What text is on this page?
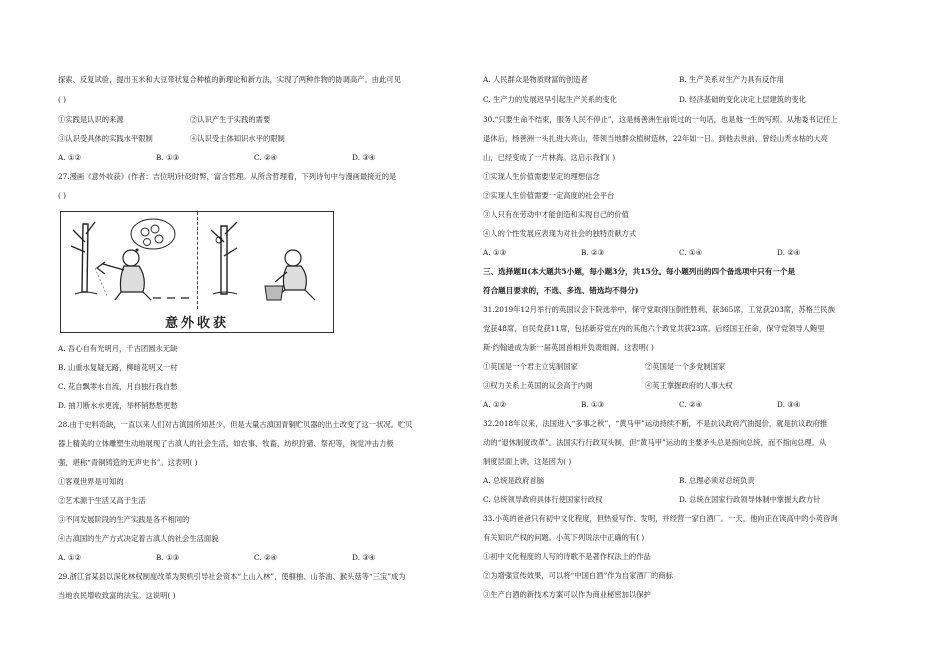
探索、反复试验，提出玉米和大豆带状复合种植的新理论和新方法，实现了两种作物的协调高产。由此可见
( )
①实践是认识的来源	②认识产生于实践的需要
③认识受具体的实践水平限制	④认识受主体知识水平的限制
A. ①②	B. ①③	C. ②④	D. ③④
27.漫画《意外收获》(作者：吉位明)针砭时弊，富含哲理。从所含哲理看，下列诗句中与漫画最接近的是
( )
意外收获
A. 吾心自有光明月，千古团圆永无缺
B. 山重水复疑无路，柳暗花明又一村
C. 花自飘零水自流，月自独行我自愁
D. 抽刀断水水更流，举杯销愁愁更愁
28.由于史料奇缺，一直以来人们对古滇国所知甚少，但是大量古滇国青铜贮贝器的出土改变了这一状况。贮贝
器上精美的立体雕塑生动地展现了古滇人的社会生活，如农事、牧畜、纺织狩猎、祭祀等，视觉冲击力极
强，堪称“青铜铸造的无声史书”。这表明( )
①客观世界是可知的
②艺术源于生活又高于生活
③不同发展阶段的生产实践是各不相同的
④古滇国的生产方式决定着古滇人的社会生活面貌
A. ①②	B. ①③	C. ②④	D. ③④
29.浙江省某县以深化林权制度改革为契机引导社会资本“上山入林”，使榧柚、山茶油、猴头菇等“三宝”成为
当地农民增收致富的法宝。这说明( )
A. 人民群众是物质财富的创造者	B. 生产关系对生产力具有反作用
C. 生产力的发展迟早引起生产关系的变化	D. 经济基础的变化决定上层建筑的变化
30.“只要生命不结束，服务人民不停止”，这是杨善洲生前说过的一句话，也是他一生的写照。从地委书记任上
退休后，杨善洲一头扎进大亮山，带领当地群众植树造林，22年如一日。到他去世前，曾经山秃水枯的大亮
山，已经变成了一片林海。这启示我们( )
①实现人生价值需要坚定的理想信念
②实现人生价值需要一定高度的社会平台
③人只有在劳动中才能创造和实现自己的价值
④人的个性发展应表现为对社会的独特贡献方式
A. ①③	B. ②③	C. ①④	D. ②④
三、选择题Ⅱ(本大题共5小题，每小题3分，共15分。每小题列出的四个备选项中只有一个是
符合题目要求的，不选、多选、错选均不得分)
31.2019年12月举行的英国议会下院选举中，保守党取得压倒性胜利，获365席，工党获203席，苏格兰民族
党获48席，自民党获11席，包括新芬党在内的其他六个政党共获23席。后经国王任命，保守党领导人鲍里
斯·约翰逊成为新一届英国首相并负责组阁。这表明( )
①英国是一个君主立宪制国家	②英国是一个多党制国家
③权力关系上英国的议会高于内阁	④英王掌握政府的人事大权
A. ①②	B. ①③	C. ②④	D. ③④
32.2018年以来，法国进入“多事之秋”，“黄马甲”运动持续不断，不是抗议政府汽油提价，就是抗议政府推
动的“退休制度改革”。法国实行行政双头制，但“黄马甲”运动的主要矛头总是指向总统，而不指向总理。从
制度层面上讲，这是因为( )
A. 总统是政府首脑	B. 总理必须对总统负责
C. 总统领导政府具体行使国家行政权	D. 总统在国家行政领导体制中掌握大政方针
33.小英的爸爸只有初中文化程度，但热爱写作、发明，并经营一家白酒厂。一天，他向正在读高中的小英咨询
有关知识产权的问题。小英下列说法中正确的有( )
①初中文化程度的人写的诗歌不是著作权法上的作品
②为增强宣传效果，可以将“中国白酒”作为自家酒厂的商标
③生产白酒的新技术方案可以作为商业秘密加以保护
